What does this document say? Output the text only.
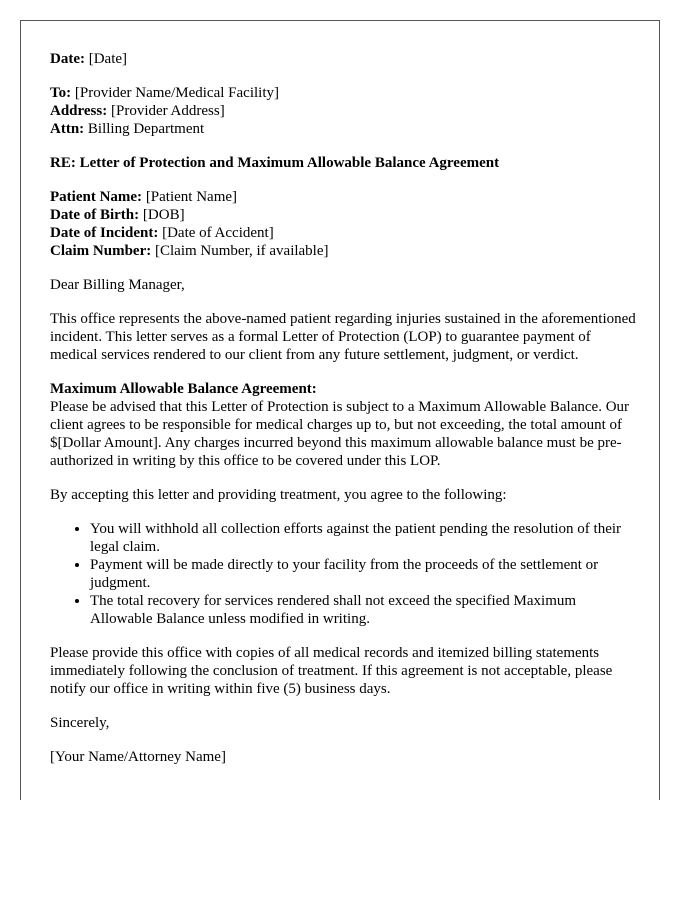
Date: [Date]
To: [Provider Name/Medical Facility]
Address: [Provider Address]
Attn: Billing Department
RE: Letter of Protection and Maximum Allowable Balance Agreement
Patient Name: [Patient Name]
Date of Birth: [DOB]
Date of Incident: [Date of Accident]
Claim Number: [Claim Number, if available]

Dear Billing Manager,

This office represents the above-named patient regarding injuries sustained in the aforementioned incident. This letter serves as a formal Letter of Protection (LOP) to guarantee payment of medical services rendered to our client from any future settlement, judgment, or verdict.

Maximum Allowable Balance Agreement:
Please be advised that this Letter of Protection is subject to a Maximum Allowable Balance. Our client agrees to be responsible for medical charges up to, but not exceeding, the total amount of $[Dollar Amount]. Any charges incurred beyond this maximum allowable balance must be pre-authorized in writing by this office to be covered under this LOP.

By accepting this letter and providing treatment, you agree to the following:

• You will withhold all collection efforts against the patient pending the resolution of their legal claim.
• Payment will be made directly to your facility from the proceeds of the settlement or judgment.
• The total recovery for services rendered shall not exceed the specified Maximum Allowable Balance unless modified in writing.

Please provide this office with copies of all medical records and itemized billing statements immediately following the conclusion of treatment. If this agreement is not acceptable, please notify our office in writing within five (5) business days.

Sincerely,

[Your Name/Attorney Name]
